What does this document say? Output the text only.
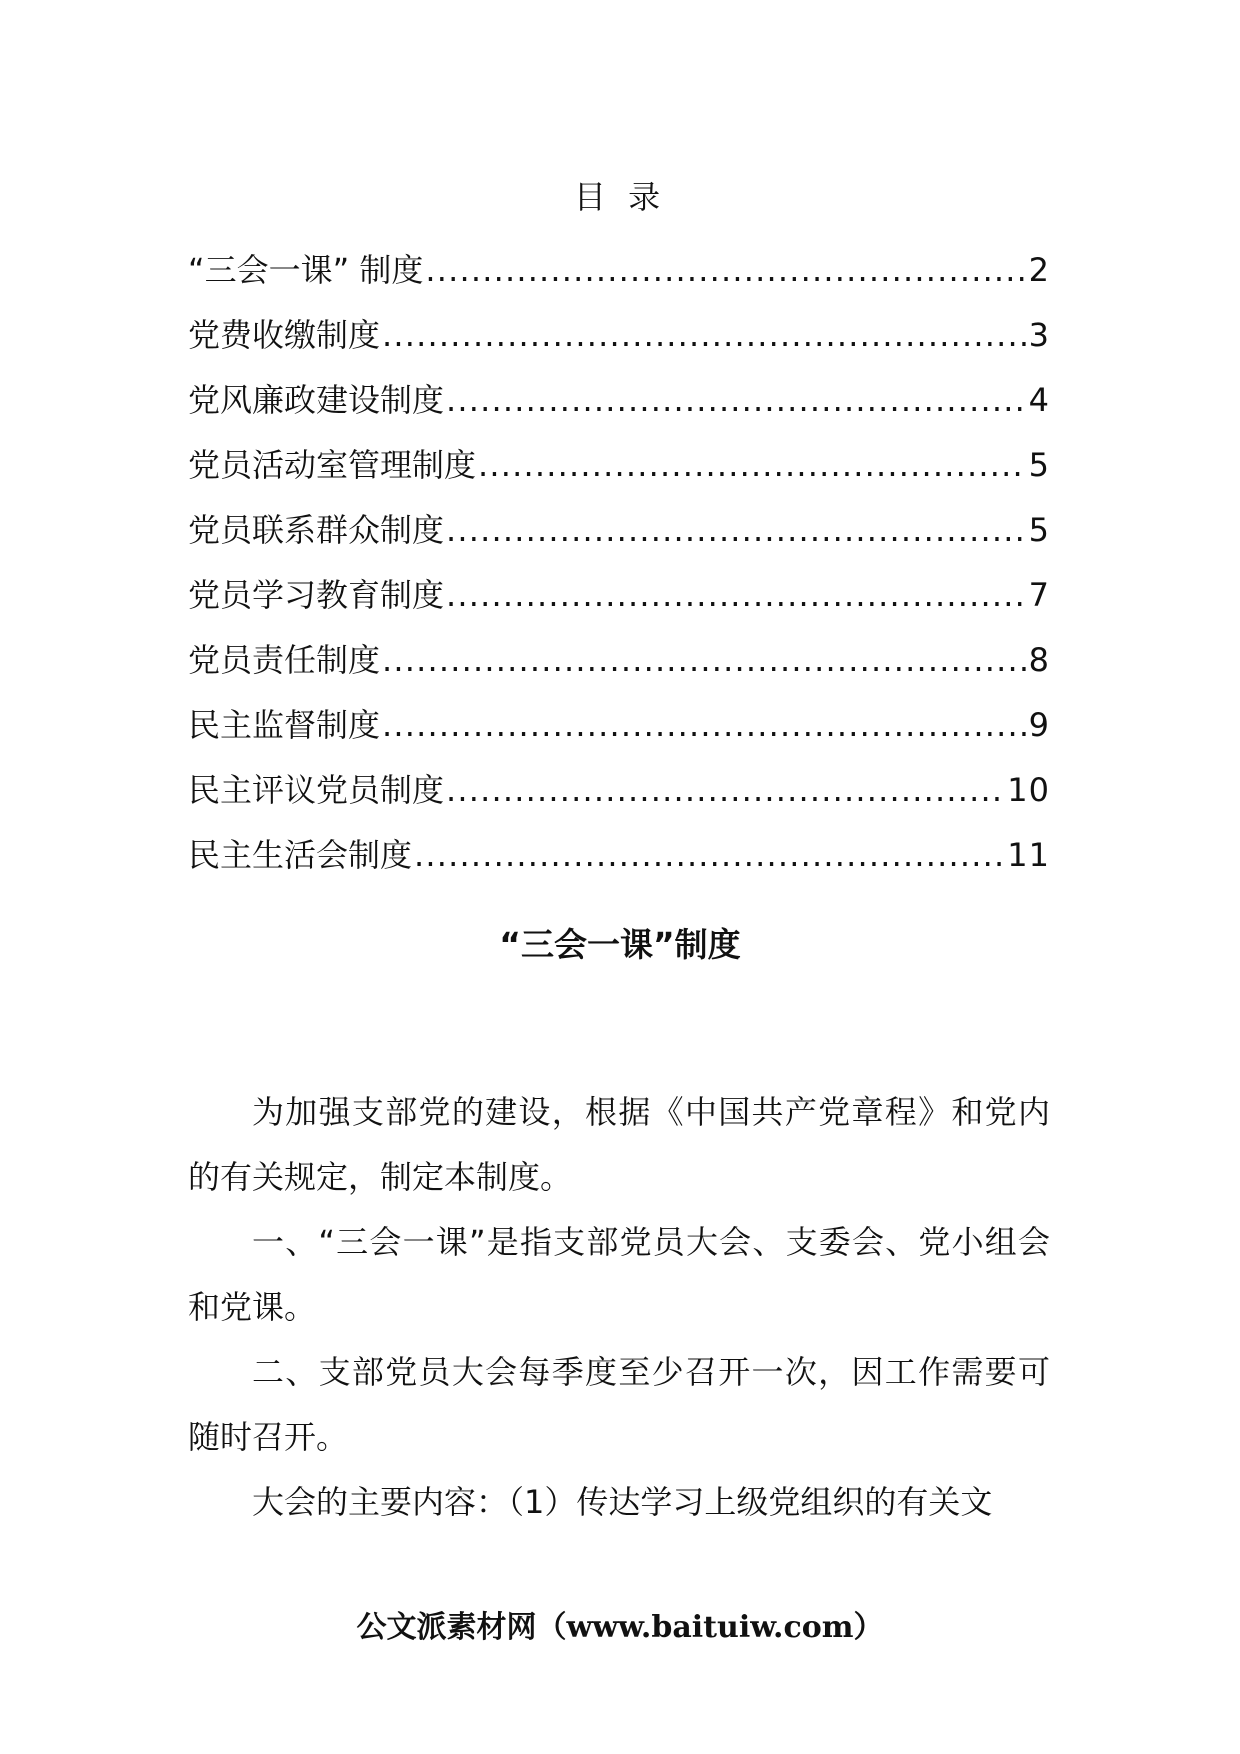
目 录
“三会一课” 制度 .....	2
党费收缴制度 .....	3
党风廉政建设制度 .....	4
党员活动室管理制度 .....	5
党员联系群众制度 .....	5
党员学习教育制度 .....	7
党员责任制度 .....	8
民主监督制度 .....	9
民主评议党员制度 .....	10
民主生活会制度 .....	11
“三会一课”制度

为加强支部党的建设，根据《中国共产党章程》和党内的有关规定，制定本制度。

一、“三会一课”是指支部党员大会、支委会、党小组会和党课。

二、支部党员大会每季度至少召开一次，因工作需要可随时召开。

大会的主要内容：（1）传达学习上级党组织的有关文

公文派素材网（www.baituiw.com）
